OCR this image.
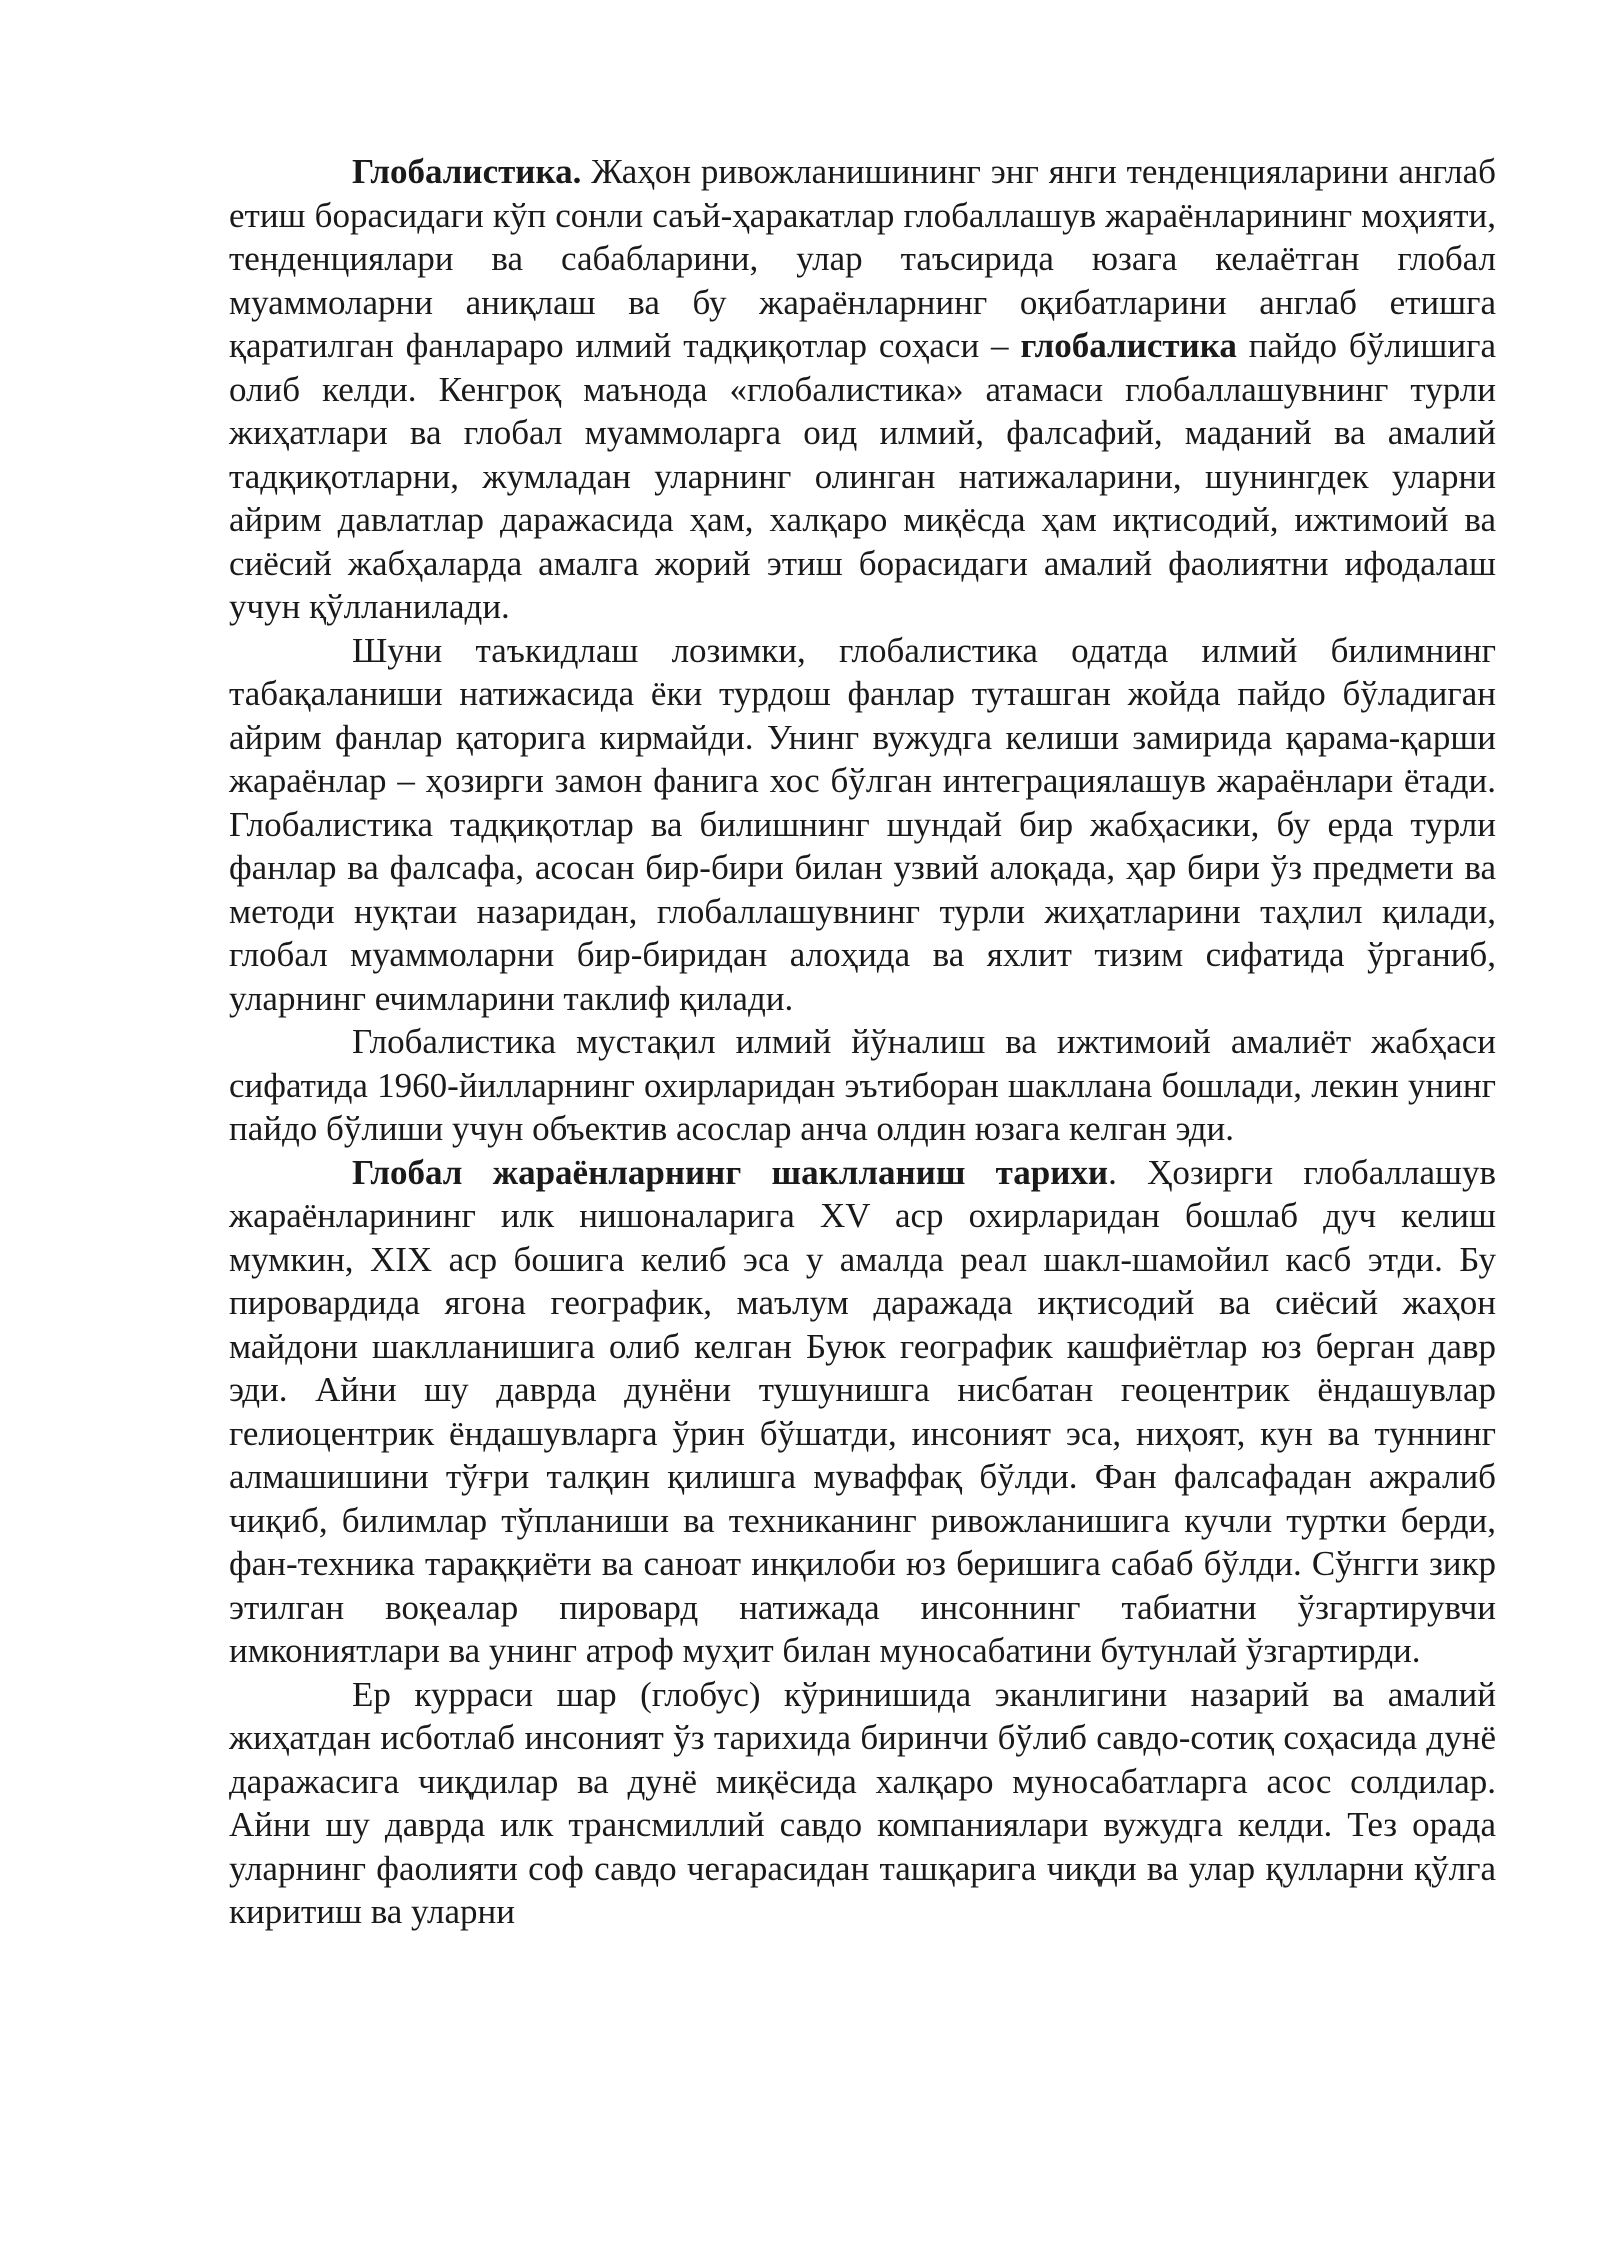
Глобалистика. Жаҳон ривожланишининг энг янги тенденцияларини англаб етиш борасидаги кўп сонли саъй-ҳаракатлар глобаллашув жараёнларининг моҳияти, тенденциялари ва сабабларини, улар таъсирида юзага келаётган глобал муаммоларни аниқлаш ва бу жараёнларнинг оқибатларини англаб етишга қаратилган фанлараро илмий тадқиқотлар соҳаси – глобалистика пайдо бўлишига олиб келди. Кенгроқ маънода «глобалистика» атамаси глобаллашувнинг турли жиҳатлари ва глобал муаммоларга оид илмий, фалсафий, маданий ва амалий тадқиқотларни, жумладан уларнинг олинган натижаларини, шунингдек уларни айрим давлатлар даражасида ҳам, халқаро миқёсда ҳам иқтисодий, ижтимоий ва сиёсий жабҳаларда амалга жорий этиш борасидаги амалий фаолиятни ифодалаш учун қўлланилади.

Шуни таъкидлаш лозимки, глобалистика одатда илмий билимнинг табақаланиши натижасида ёки турдош фанлар туташган жойда пайдо бўладиган айрим фанлар қаторига кирмайди. Унинг вужудга келиши замирида қарама-қарши жараёнлар – ҳозирги замон фанига хос бўлган интеграциялашув жараёнлари ётади. Глобалистика тадқиқотлар ва билишнинг шундай бир жабҳасики, бу ерда турли фанлар ва фалсафа, асосан бир-бири билан узвий алоқада, ҳар бири ўз предмети ва методи нуқтаи назаридан, глобаллашувнинг турли жиҳатларини таҳлил қилади, глобал муаммоларни бир-биридан алоҳида ва яхлит тизим сифатида ўрганиб, уларнинг ечимларини таклиф қилади.

Глобалистика мустақил илмий йўналиш ва ижтимоий амалиёт жабҳаси сифатида 1960-йилларнинг охирларидан эътиборан шакллана бошлади, лекин унинг пайдо бўлиши учун объектив асослар анча олдин юзага келган эди.

Глобал жараёнларнинг шаклланиш тарихи. Ҳозирги глобаллашув жараёнларининг илк нишоналарига XV аср охирларидан бошлаб дуч келиш мумкин, XIX аср бошига келиб эса у амалда реал шакл-шамойил касб этди. Бу пировардида ягона географик, маълум даражада иқтисодий ва сиёсий жаҳон майдони шаклланишига олиб келган Буюк географик кашфиётлар юз берган давр эди. Айни шу даврда дунёни тушунишга нисбатан геоцентрик ёндашувлар гелиоцентрик ёндашувларга ўрин бўшатди, инсоният эса, ниҳоят, кун ва туннинг алмашишини тўғри талқин қилишга муваффақ бўлди. Фан фалсафадан ажралиб чиқиб, билимлар тўпланиши ва техниканинг ривожланишига кучли туртки берди, фан-техника тараққиёти ва саноат инқилоби юз беришига сабаб бўлди. Сўнгги зикр этилган воқеалар пировард натижада инсоннинг табиатни ўзгартирувчи имкониятлари ва унинг атроф муҳит билан муносабатини бутунлай ўзгартирди.

Ер курраси шар (глобус) кўринишида эканлигини назарий ва амалий жиҳатдан исботлаб инсоният ўз тарихида биринчи бўлиб савдо-сотиқ соҳасида дунё даражасига чиқдилар ва дунё миқёсида халқаро муносабатларга асос солдилар. Айни шу даврда илк трансмиллий савдо компаниялари вужудга келди. Тез орада уларнинг фаолияти соф савдо чегарасидан ташқарига чиқди ва улар қулларни қўлга киритиш ва уларни
